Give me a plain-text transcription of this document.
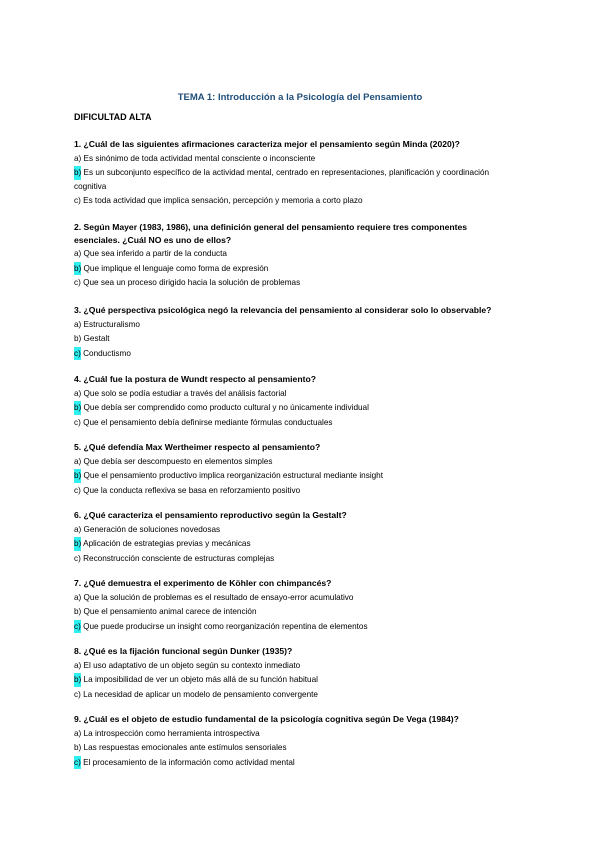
TEMA 1: Introducción a la Psicología del Pensamiento
DIFICULTAD ALTA
1. ¿Cuál de las siguientes afirmaciones caracteriza mejor el pensamiento según Minda (2020)?
a) Es sinónimo de toda actividad mental consciente o inconsciente
b) Es un subconjunto específico de la actividad mental, centrado en representaciones, planificación y coordinación cognitiva
c) Es toda actividad que implica sensación, percepción y memoria a corto plazo
2. Según Mayer (1983, 1986), una definición general del pensamiento requiere tres componentes esenciales. ¿Cuál NO es uno de ellos?
a) Que sea inferido a partir de la conducta
b) Que implique el lenguaje como forma de expresión
c) Que sea un proceso dirigido hacia la solución de problemas
3. ¿Qué perspectiva psicológica negó la relevancia del pensamiento al considerar solo lo observable?
a) Estructuralismo
b) Gestalt
c) Conductismo
4. ¿Cuál fue la postura de Wundt respecto al pensamiento?
a) Que solo se podía estudiar a través del análisis factorial
b) Que debía ser comprendido como producto cultural y no únicamente individual
c) Que el pensamiento debía definirse mediante fórmulas conductuales
5. ¿Qué defendía Max Wertheimer respecto al pensamiento?
a) Que debía ser descompuesto en elementos simples
b) Que el pensamiento productivo implica reorganización estructural mediante insight
c) Que la conducta reflexiva se basa en reforzamiento positivo
6. ¿Qué caracteriza el pensamiento reproductivo según la Gestalt?
a) Generación de soluciones novedosas
b) Aplicación de estrategias previas y mecánicas
c) Reconstrucción consciente de estructuras complejas
7. ¿Qué demuestra el experimento de Köhler con chimpancés?
a) Que la solución de problemas es el resultado de ensayo-error acumulativo
b) Que el pensamiento animal carece de intención
c) Que puede producirse un insight como reorganización repentina de elementos
8. ¿Qué es la fijación funcional según Dunker (1935)?
a) El uso adaptativo de un objeto según su contexto inmediato
b) La imposibilidad de ver un objeto más allá de su función habitual
c) La necesidad de aplicar un modelo de pensamiento convergente
9. ¿Cuál es el objeto de estudio fundamental de la psicología cognitiva según De Vega (1984)?
a) La introspección como herramienta introspectiva
b) Las respuestas emocionales ante estímulos sensoriales
c) El procesamiento de la información como actividad mental
